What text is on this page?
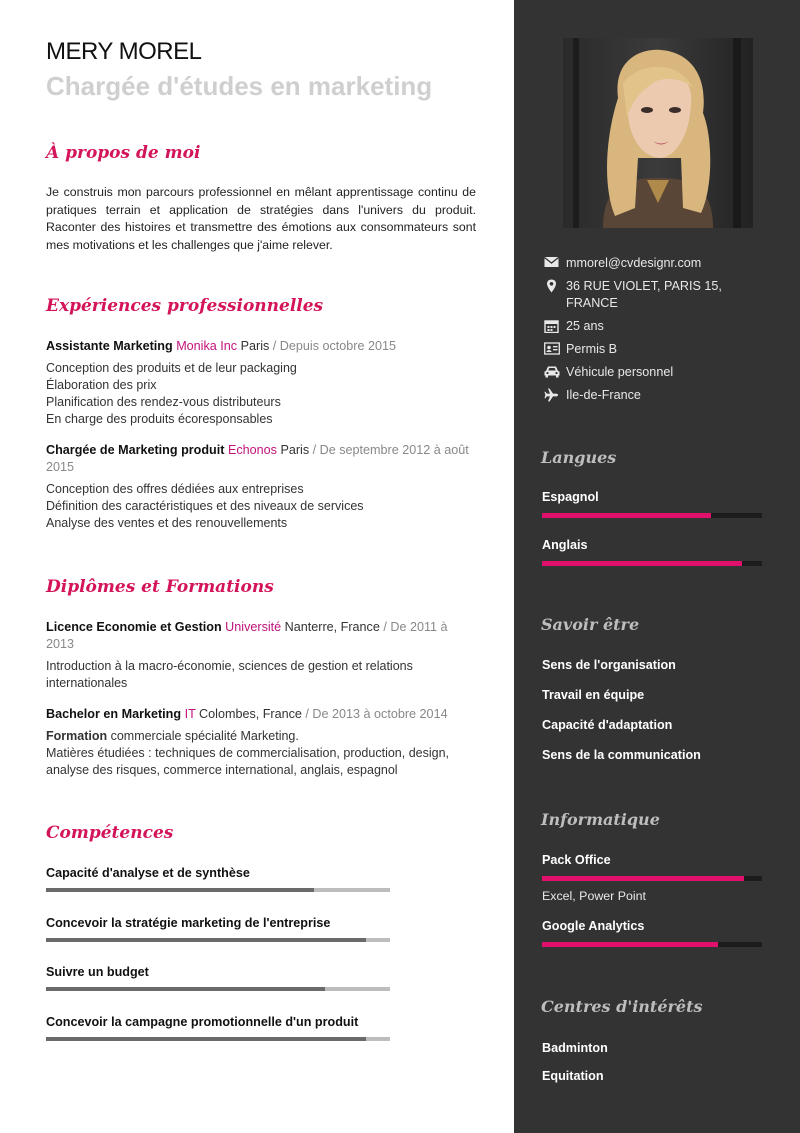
MERY MOREL
Chargée d'études en marketing
À propos de moi
Je construis mon parcours professionnel en mêlant apprentissage continu de pratiques terrain et application de stratégies dans l'univers du produit. Raconter des histoires et transmettre des émotions aux consommateurs sont mes motivations et les challenges que j'aime relever.
Expériences professionnelles
Assistante Marketing Monika Inc Paris / Depuis octobre 2015
Conception des produits et de leur packaging
Élaboration des prix
Planification des rendez-vous distributeurs
En charge des produits écoresponsables
Chargée de Marketing produit Echonos Paris / De septembre 2012 à août 2015
Conception des offres dédiées aux entreprises
Définition des caractéristiques et des niveaux de services
Analyse des ventes et des renouvellements
Diplômes et Formations
Licence Economie et Gestion Université Nanterre, France / De 2011 à 2013
Introduction à la macro-économie, sciences de gestion et relations internationales
Bachelor en Marketing IT Colombes, France / De 2013 à octobre 2014
Formation commerciale spécialité Marketing.
Matières étudiées : techniques de commercialisation, production, design, analyse des risques, commerce international, anglais, espagnol
Compétences
Capacité d'analyse et de synthèse
Concevoir la stratégie marketing de l'entreprise
Suivre un budget
Concevoir la campagne promotionnelle d'un produit
mmorel@cvdesignr.com
36 RUE VIOLET, PARIS 15, FRANCE
25 ans
Permis B
Véhicule personnel
Ile-de-France
Langues
Espagnol
Anglais
Savoir être
Sens de l'organisation
Travail en équipe
Capacité d'adaptation
Sens de la communication
Informatique
Pack Office
Excel, Power Point
Google Analytics
Centres d'intérêts
Badminton
Equitation
